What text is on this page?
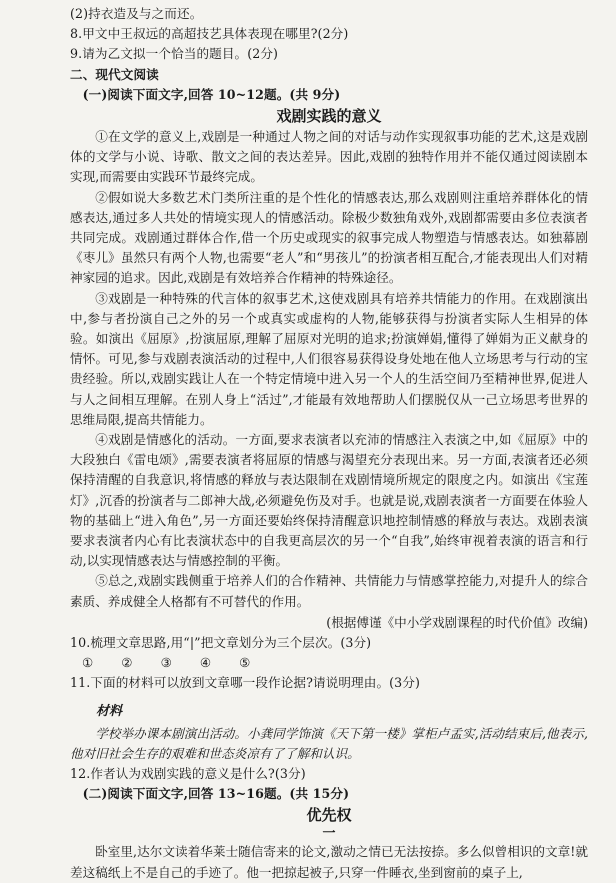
(2)持衣造及与之而还。
8.甲文中王叔远的高超技艺具体表现在哪里?(2分)
9.请为乙文拟一个恰当的题目。(2分)
二、现代文阅读
(一)阅读下面文字,回答 10~12题。(共 9分)
戏剧实践的意义
①在文学的意义上,戏剧是一种通过人物之间的对话与动作实现叙事功能的艺术,这是戏剧体的文学与小说、诗歌、散文之间的表达差异。因此,戏剧的独特作用并不能仅通过阅读剧本实现,而需要由实践环节最终完成。
②假如说大多数艺术门类所注重的是个性化的情感表达,那么戏剧则注重培养群体化的情感表达,通过多人共处的情境实现人的情感活动。除极少数独角戏外,戏剧都需要由多位表演者共同完成。戏剧通过群体合作,借一个历史或现实的叙事完成人物塑造与情感表达。如独幕剧《枣儿》虽然只有两个人物,也需要“老人”和“男孩儿”的扮演者相互配合,才能表现出人们对精神家园的追求。因此,戏剧是有效培养合作精神的特殊途径。
③戏剧是一种特殊的代言体的叙事艺术,这使戏剧具有培养共情能力的作用。在戏剧演出中,参与者扮演自己之外的另一个或真实或虚构的人物,能够获得与扮演者实际人生相异的体验。如演出《屈原》,扮演屈原,理解了屈原对光明的追求;扮演婵娟,懂得了婵娟为正义献身的情怀。可见,参与戏剧表演活动的过程中,人们很容易获得设身处地在他人立场思考与行动的宝贵经验。所以,戏剧实践让人在一个特定情境中进入另一个人的生活空间乃至精神世界,促进人与人之间相互理解。在别人身上“活过”,才能最有效地帮助人们摆脱仅从一己立场思考世界的思维局限,提高共情能力。
④戏剧是情感化的活动。一方面,要求表演者以充沛的情感注入表演之中,如《屈原》中的大段独白《雷电颂》,需要表演者将屈原的情感与渴望充分表现出来。另一方面,表演者还必须保持清醒的自我意识,将情感的释放与表达限制在戏剧情境所规定的限度之内。如演出《宝莲灯》,沉香的扮演者与二郎神大战,必须避免伤及对手。也就是说,戏剧表演者一方面要在体验人物的基础上“进入角色”,另一方面还要始终保持清醒意识地控制情感的释放与表达。戏剧表演要求表演者内心有比表演状态中的自我更高层次的另一个“自我”,始终审视着表演的语言和行动,以实现情感表达与情感控制的平衡。
⑤总之,戏剧实践侧重于培养人们的合作精神、共情能力与情感掌控能力,对提升人的综合素质、养成健全人格都有不可替代的作用。
(根据傅谨《中小学戏剧课程的时代价值》改编)
10.梳理文章思路,用“|”把文章划分为三个层次。(3分)
① ② ③ ④ ⑤
11.下面的材料可以放到文章哪一段作论据?请说明理由。(3分)
材料
学校举办课本剧演出活动。小龚同学饰演《天下第一楼》掌柜卢孟实,活动结束后,他表示,他对旧社会生存的艰难和世态炎凉有了了解和认识。
12.作者认为戏剧实践的意义是什么?(3分)
(二)阅读下面文字,回答 13~16题。(共 15分)
优先权
一
卧室里,达尔文读着华莱士随信寄来的论文,激动之情已无法按捺。多么似曾相识的文章!就差这稿纸上不是自己的手迹了。他一把掠起被子,只穿一件睡衣,坐到窗前的桌子上,
